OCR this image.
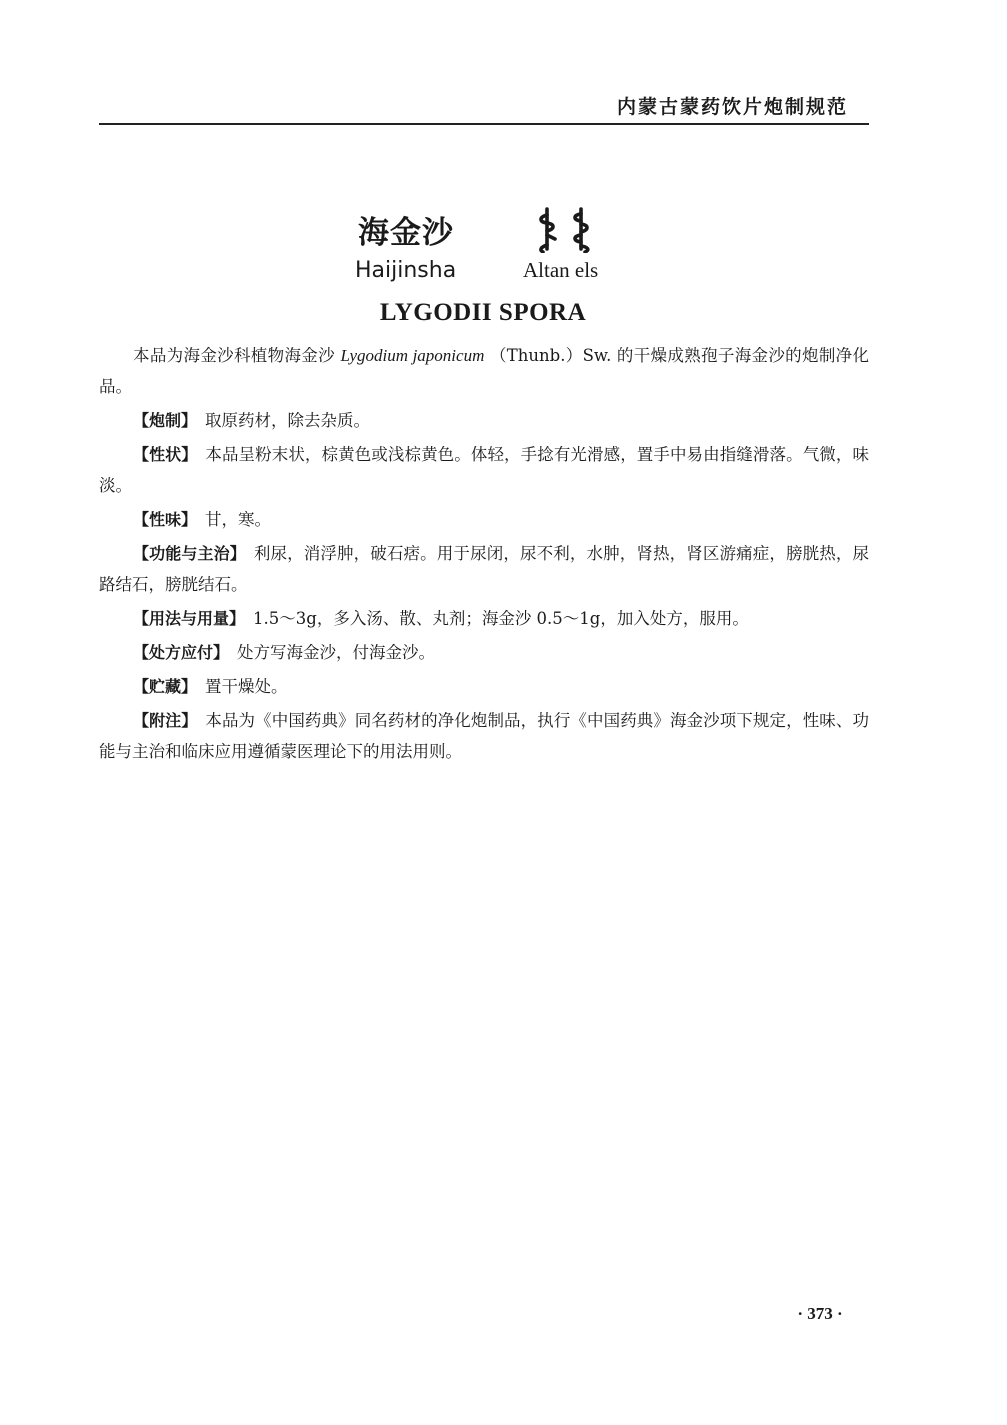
内蒙古蒙药饮片炮制规范
海金沙
Haijinsha	Altan els
LYGODII SPORA

本品为海金沙科植物海金沙 Lygodium japonicum （Thunb.）Sw. 的干燥成熟孢子海金沙的炮制净化品。

【炮制】 取原药材，除去杂质。

【性状】 本品呈粉末状，棕黄色或浅棕黄色。体轻，手捻有光滑感，置手中易由指缝滑落。气微，味淡。

【性味】 甘，寒。

【功能与主治】 利尿，消浮肿，破石痞。用于尿闭，尿不利，水肿，肾热，肾区游痛症，膀胱热，尿路结石，膀胱结石。

【用法与用量】 1.5～3g，多入汤、散、丸剂；海金沙 0.5～1g，加入处方，服用。

【处方应付】 处方写海金沙，付海金沙。

【贮藏】 置干燥处。

【附注】 本品为《中国药典》同名药材的净化炮制品，执行《中国药典》海金沙项下规定，性味、功能与主治和临床应用遵循蒙医理论下的用法用则。

· 373 ·
